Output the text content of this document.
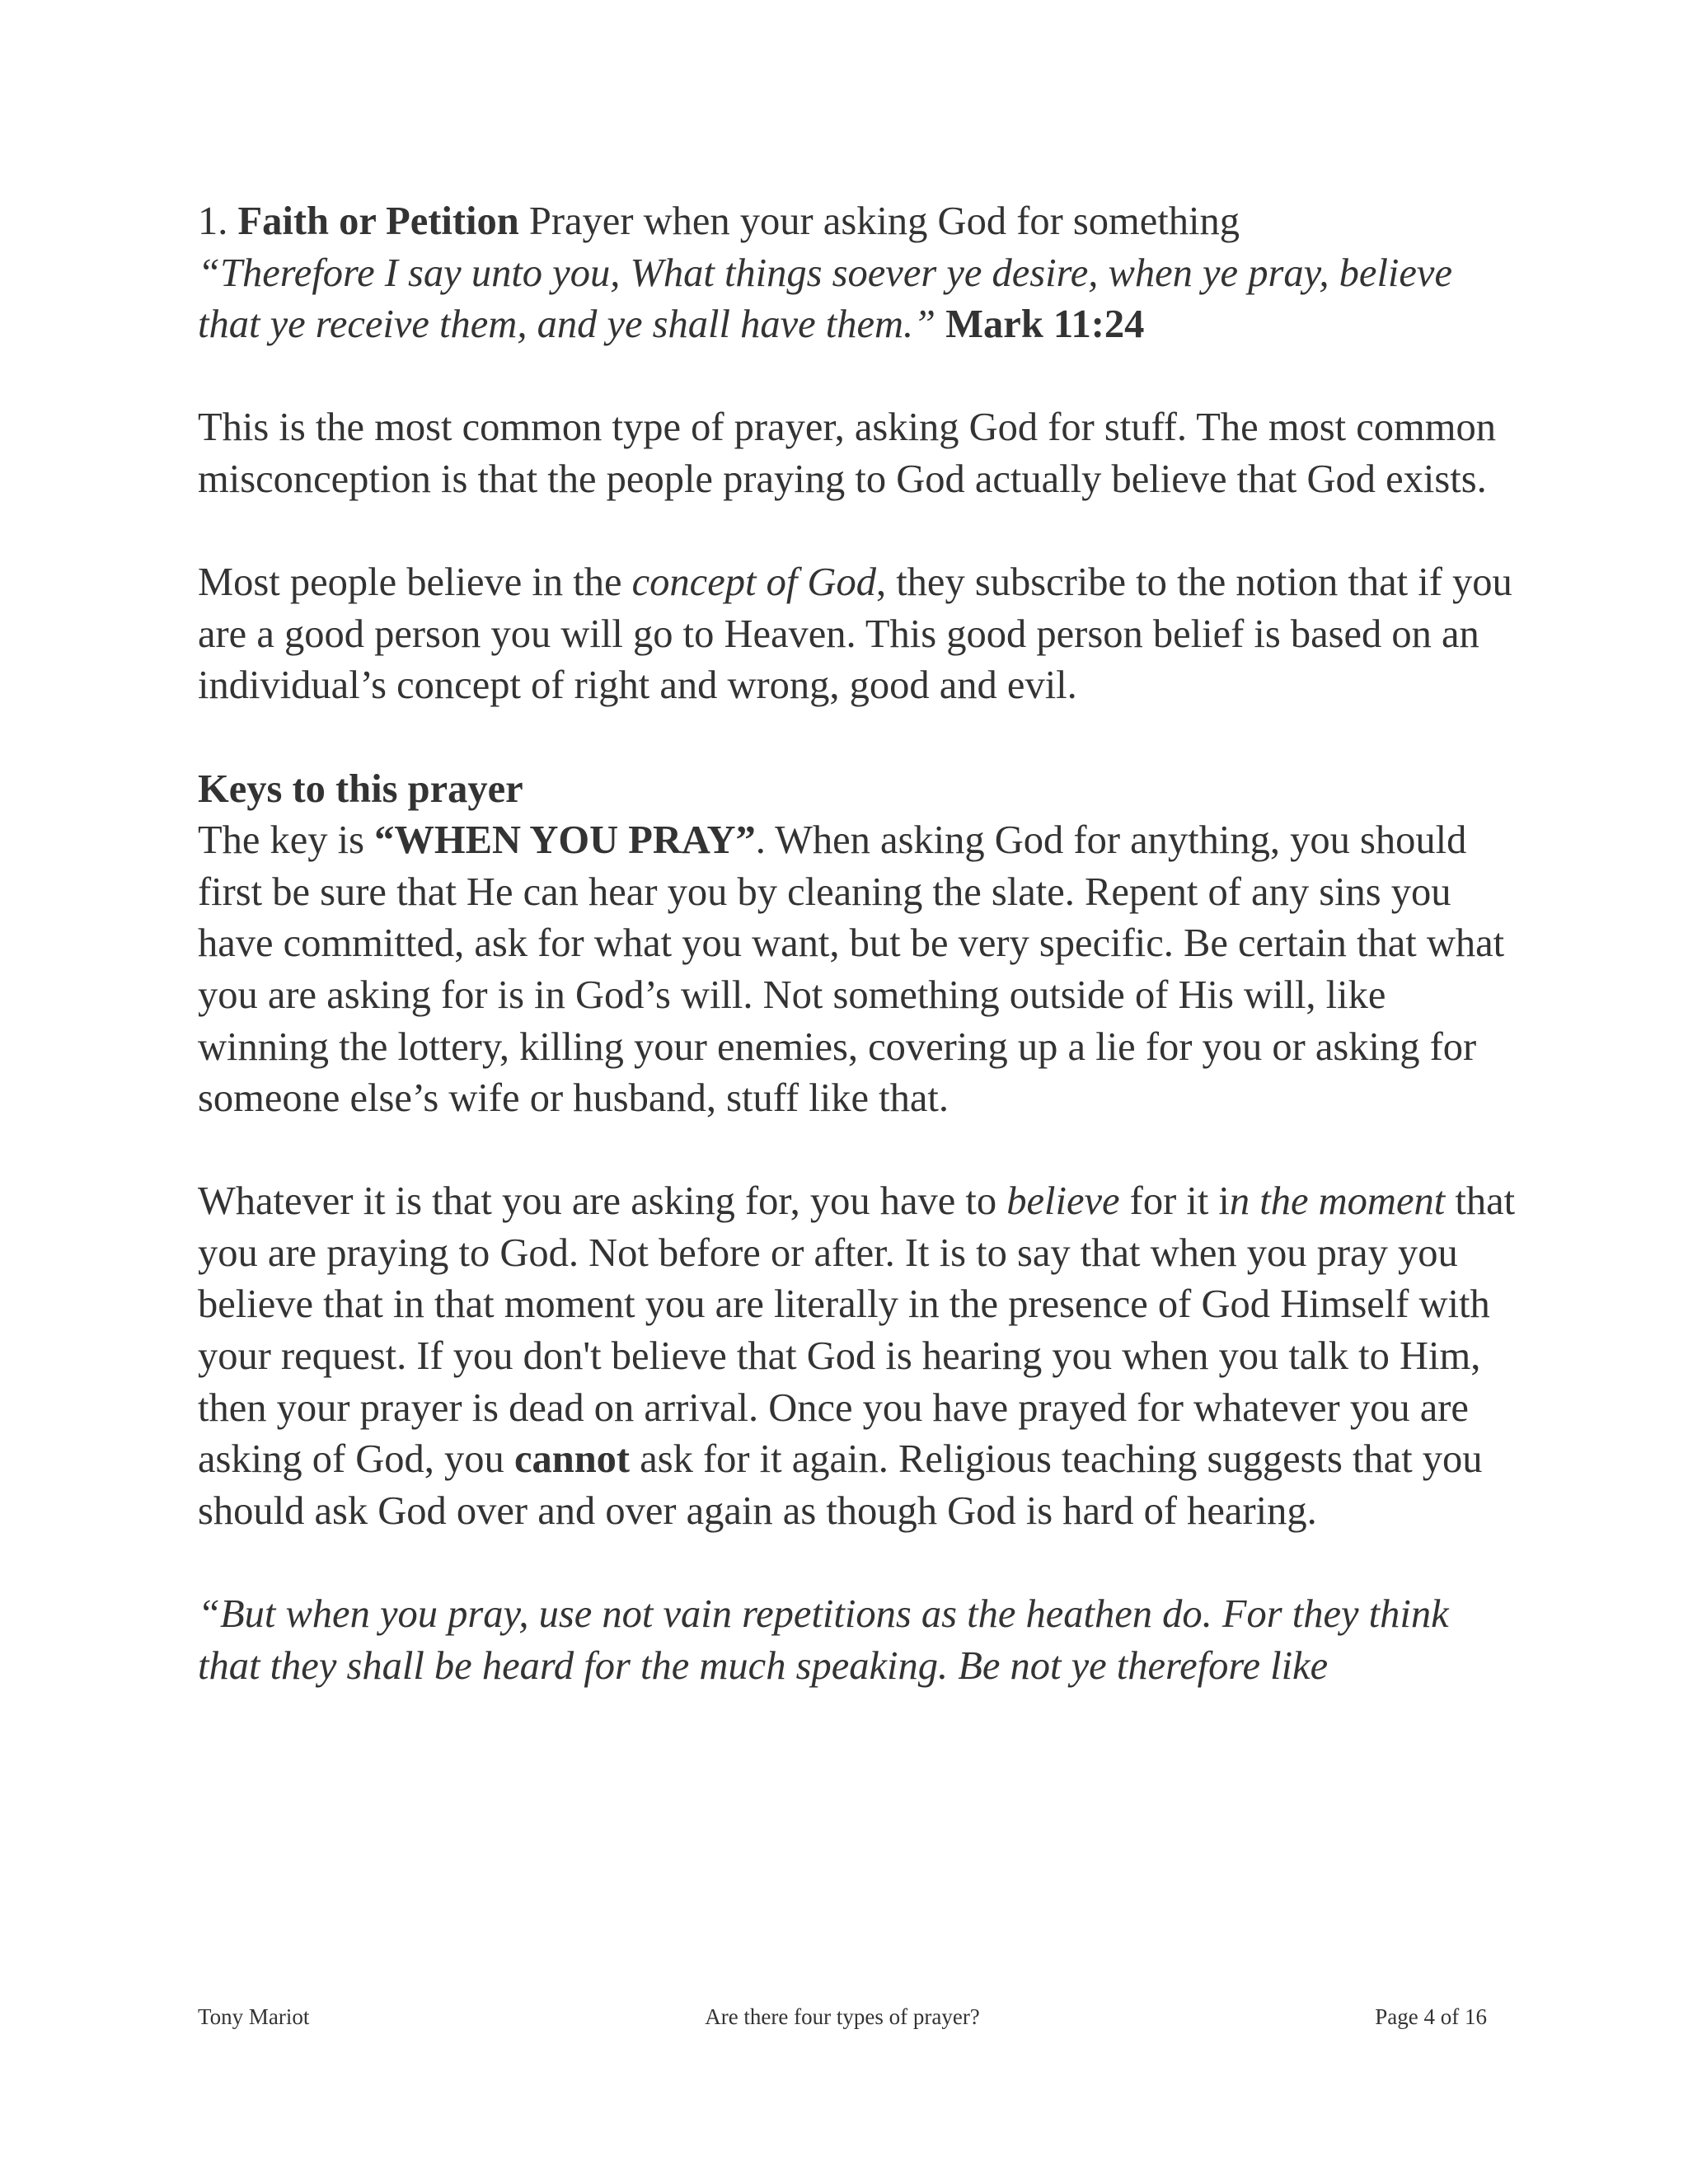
1. Faith or Petition Prayer when your asking God for something
“Therefore I say unto you, What things soever ye desire, when ye pray, believe that ye receive them, and ye shall have them.” Mark 11:24

This is the most common type of prayer, asking God for stuff. The most common misconception is that the people praying to God actually believe that God exists.

Most people believe in the concept of God, they subscribe to the notion that if you are a good person you will go to Heaven. This good person belief is based on an individual’s concept of right and wrong, good and evil.

Keys to this prayer
The key is “WHEN YOU PRAY”. When asking God for anything, you should first be sure that He can hear you by cleaning the slate. Repent of any sins you have committed, ask for what you want, but be very specific. Be certain that what you are asking for is in God’s will. Not something outside of His will, like winning the lottery, killing your enemies, covering up a lie for you or asking for someone else’s wife or husband, stuff like that.

Whatever it is that you are asking for, you have to believe for it in the moment that you are praying to God. Not before or after. It is to say that when you pray you believe that in that moment you are literally in the presence of God Himself with your request. If you don't believe that God is hearing you when you talk to Him, then your prayer is dead on arrival. Once you have prayed for whatever you are asking of God, you cannot ask for it again. Religious teaching suggests that you should ask God over and over again as though God is hard of hearing.

“But when you pray, use not vain repetitions as the heathen do. For they think that they shall be heard for the much speaking. Be not ye therefore like

Tony Mariot	Are there four types of prayer?	Page 4 of 16
